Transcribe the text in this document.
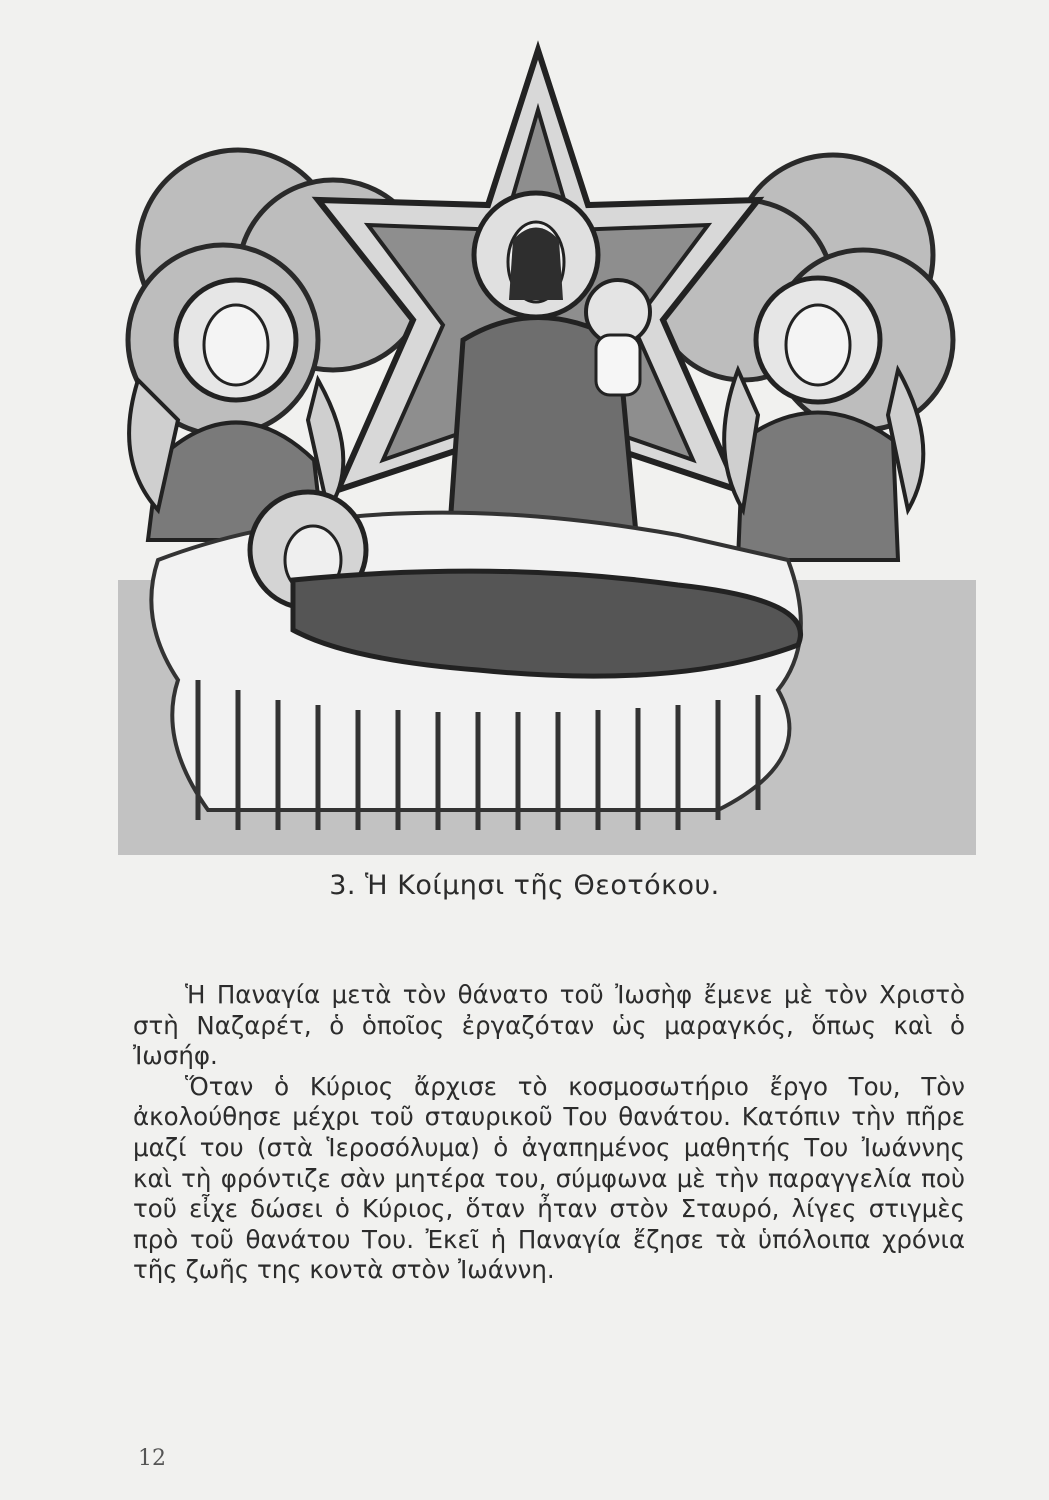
3. Ἡ Κοίμησι τῆς Θεοτόκου.

Ἡ Παναγία μετὰ τὸν θάνατο τοῦ Ἰωσὴφ ἔμενε μὲ τὸν Χριστὸ στὴ Ναζαρέτ, ὁ ὁποῖος ἐργαζόταν ὡς μαραγκός, ὅπως καὶ ὁ Ἰωσήφ.

Ὅταν ὁ Κύριος ἄρχισε τὸ κοσμοσωτήριο ἔργο Του, Τὸν ἀκολούθησε μέχρι τοῦ σταυρικοῦ Του θανάτου. Κατόπιν τὴν πῆρε μαζί του (στὰ Ἱεροσόλυμα) ὁ ἀγαπημένος μαθητής Του Ἰωάννης καὶ τὴ φρόντιζε σὰν μητέρα του, σύμφωνα μὲ τὴν παραγγελία ποὺ τοῦ εἶχε δώσει ὁ Κύριος, ὅταν ἦταν στὸν Σταυρό, λίγες στιγμὲς πρὸ τοῦ θανάτου Του. Ἐκεῖ ἡ Παναγία ἔζησε τὰ ὑπόλοιπα χρόνια τῆς ζωῆς της κοντὰ στὸν Ἰωάννη.

12
